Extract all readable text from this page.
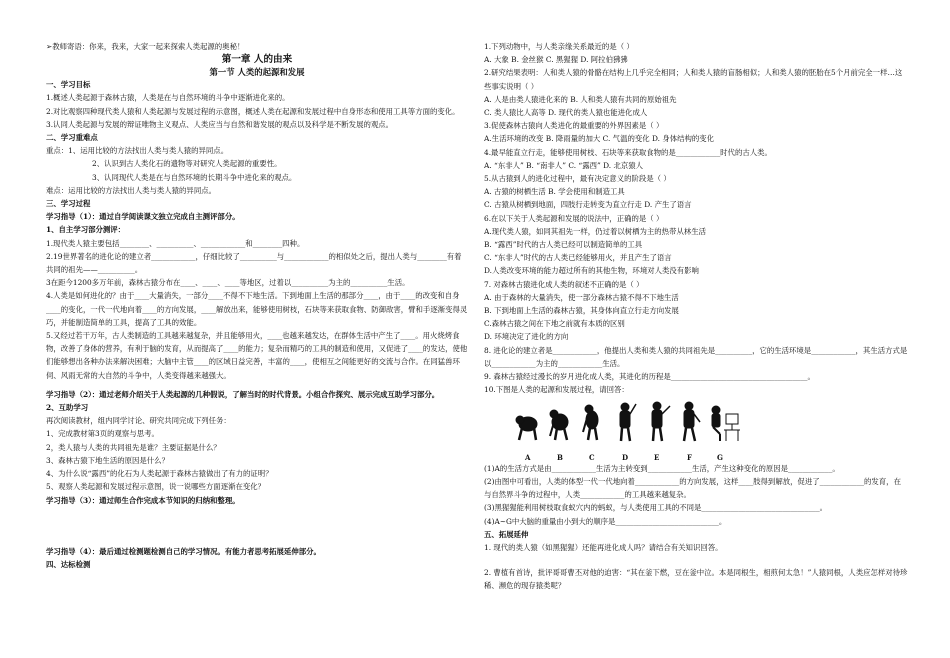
➢教师寄语：你来，我来，大家一起来探索人类起源的奥秘！
第一章 人的由来
第一节 人类的起源和发展
一、学习目标
1.概述人类起源于森林古猿，人类是在与自然环境的斗争中逐渐进化来的。
2.对比观察四种现代类人猿和人类起源与发展过程的示意图，概述人类在起源和发展过程中自身形态和使用工具等方面的变化。
3.认同人类起源与发展的辩证唯物主义观点、人类应当与自然和谐发展的观点以及科学是不断发展的观点。
二、学习重难点
重点：1、运用比较的方法找出人类与类人猿的异同点。
2、认识到古人类化石的遗物等对研究人类起源的重要性。
3、认同现代人类是在与自然环境的长期斗争中进化来的观点。
难点：运用比较的方法找出人类与类人猿的异同点。
三、学习过程
学习指导（1）：通过自学阅读课文独立完成自主测评部分。
1、自主学习部分测评：
1.现代类人猿主要包括________、__________、____________和________四种。
2.19世界著名的进化论的建立者____________，仔细比较了__________与____________的相似处之后，提出人类与________有着共同的祖先——__________。
3在距今1200多万年前，森林古猿分布在____、____、____等地区，过着以__________为主的__________生活。
4.人类是如何进化的？由于____大量消失，一部分____不得不下地生活。下到地面上生活的那部分____，由于____的改变和自身____的变化，一代一代地向着____的方向发展，____解放出来，能够使用树枝，石块等来获取食物、防御敌害，臂和手逐渐变得灵巧，并能制造简单的工具，提高了工具的效能。
5.又经过若干万年，古人类制造的工具越来越复杂，并且能够用火，____也越来越发达，在群体生活中产生了____。用火烧烤食物，改善了身体的营养，有利于脑的发育，从而提高了____的能力；复杂而精巧的工具的制造和使用，又促进了____的发达，使他们能够想出各种办法来解决困难；大脑中主管____的区域日益完善，丰富的____，使相互之间能更好的交流与合作。在同猛兽环伺、风雨无常的大自然的斗争中，人类变得越来越强大。
学习指导（2）：通过老师介绍关于人类起源的几种假说，了解当时的时代背景。小组合作探究、展示完成互助学习部分。
2、互助学习
再次阅读教材，组内同学讨论、研究共同完成下列任务：
1、完成教材第3页的观察与思考。
2，类人猿与人类的共同祖先是谁？主要证据是什么？
3、森林古猿下地生活的原因是什么？
4、为什么说“露西”的化石为人类起源于森林古猿做出了有力的证明？
5、观察人类起源和发展过程示意图，说一说哪些方面逐渐在变化？
学习指导（3）：通过师生合作完成本节知识的归纳和整理。
学习指导（4）：最后通过检测题检测自己的学习情况。有能力者思考拓展延伸部分。
四、达标检测
1.下列动物中，与人类亲缘关系最近的是（ ）
A. 大象 B. 金丝猴 C. 黑猩猩 D. 阿拉伯狒狒
2.研究结果表明：人和类人猿的骨骼在结构上几乎完全相同；人和类人猿的盲肠相似；人和类人猿的胚胎在5个月前完全一样…这些事实说明（ ）
A. 人是由类人猿进化来的 B. 人和类人猿有共同的原始祖先
C. 类人猿比人高等 D. 现代的类人猿也能进化成人
3.促使森林古猿向人类进化的最重要的外界因素是（ ）
A.生活环境的改变 B. 降雨量的加大 C. 气温的变化 D. 身体结构的变化
4.最早能直立行走，能够使用树枝、石块等来获取食物的是____________时代的古人类。
A. “东非人” B. “南非人” C. “露西” D. 北京猿人
5.从古猿到人的进化过程中，最有决定意义的阶段是（ ）
A. 古猿的树栖生活 B. 学会使用和制造工具
C. 古猿从树栖到地面，四肢行走转变为直立行走 D. 产生了语言
6.在以下关于人类起源和发展的说法中，正确的是（ ）
A.现代类人猿，如同其祖先一样，仍过着以树栖为主的热带从林生活
B. “露西”时代的古人类已经可以制造简单的工具
C. “东非人”时代的古人类已经能够用火，并且产生了语言
D.人类改变环境的能力超过所有的其他生物，环境对人类没有影响
7. 对森林古猿进化成人类的叙述不正确的是（ ）
A. 由于森林的大量消失，使一部分森林古猿不得不下地生活
B. 下到地面上生活的森林古猿，其身体向直立行走方向发展
C.森林古猿之间在下地之前就有本质的区别
D. 环境决定了进化的方向
8. 进化论的建立者是____________，他提出人类和类人猿的共同祖先是__________，它的生活环境是____________，其生活方式是以____________为主的____________生活。
9. 森林古猿经过漫长的岁月进化成人类，其进化的历程是_____________________________________。
10.下图是人类的起源和发展过程，请回答：
A	B	C	D	E	F	G
(1)A的生活方式是由____________生活为主转变到____________生活，产生这种变化的原因是____________。
(2)由图中可看出，人类的体型一代一代地向着____________的方向发展，这样____肢得到解放，促进了____________的发育，在与自然界斗争的过程中，人类____________的工具越来越复杂。
(3)黑猩猩能利用树枝取食蚁穴内的蚂蚁，与人类使用工具的不同是________________________________。
(4)A~G中大脑的重量由小到大的顺序是____________________________。
五、拓展延伸
1. 现代的类人猿（如黑猩猩）还能再进化成人吗？请结合有关知识回答。
2. 曹植有首诗，批评哥哥曹丕对他的迫害：“其在釜下燃，豆在釜中泣。本是同根生，相煎何太急！”人猿同根，人类应怎样对待珍稀、濒危的现存猿类呢？
